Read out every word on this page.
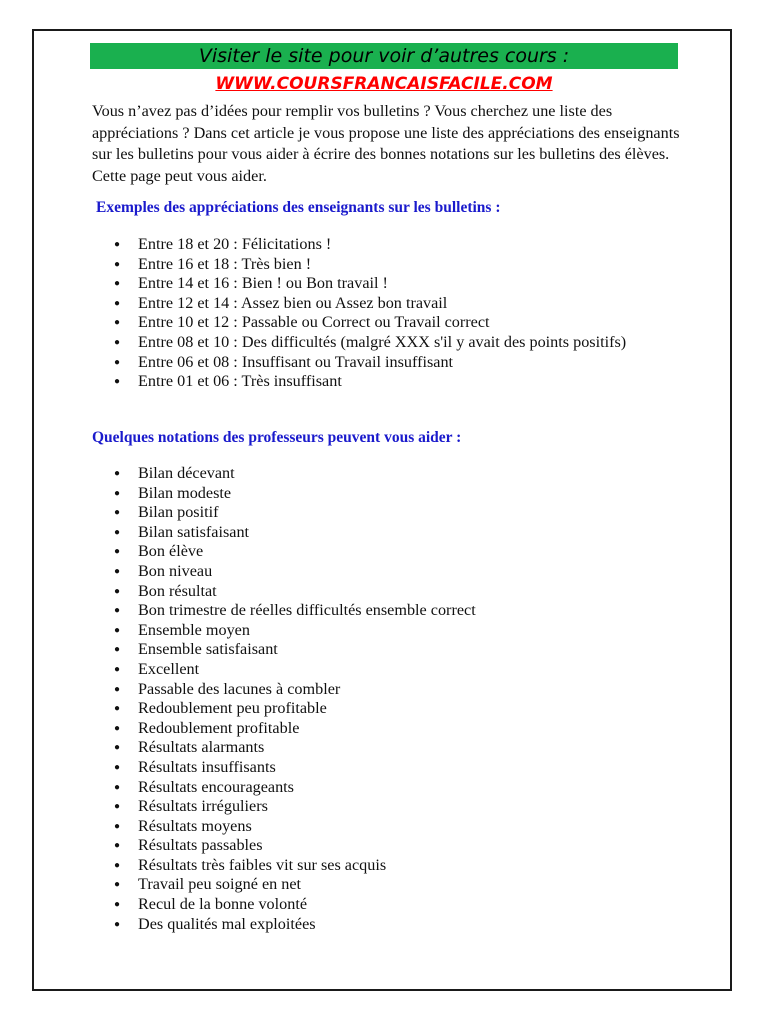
Visiter le site pour voir d’autres cours :
WWW.COURSFRANCAISFACILE.COM

Vous n’avez pas d’idées pour remplir vos bulletins ? Vous cherchez une liste des appréciations ? Dans cet article je vous propose une liste des appréciations des enseignants sur les bulletins pour vous aider à écrire des bonnes notations sur les bulletins des élèves. Cette page peut vous aider.

Exemples des appréciations des enseignants sur les bulletins :
● Entre 18 et 20 : Félicitations !
● Entre 16 et 18 : Très bien !
● Entre 14 et 16 : Bien ! ou Bon travail !
● Entre 12 et 14 : Assez bien ou Assez bon travail
● Entre 10 et 12 : Passable ou Correct ou Travail correct
● Entre 08 et 10 : Des difficultés (malgré XXX s'il y avait des points positifs)
● Entre 06 et 08 : Insuffisant ou Travail insuffisant
● Entre 01 et 06 : Très insuffisant
Quelques notations des professeurs peuvent vous aider :
● Bilan décevant
● Bilan modeste
● Bilan positif
● Bilan satisfaisant
● Bon élève
● Bon niveau
● Bon résultat
● Bon trimestre de réelles difficultés ensemble correct
● Ensemble moyen
● Ensemble satisfaisant
● Excellent
● Passable des lacunes à combler
● Redoublement peu profitable
● Redoublement profitable
● Résultats alarmants
● Résultats insuffisants
● Résultats encourageants
● Résultats irréguliers
● Résultats moyens
● Résultats passables
● Résultats très faibles vit sur ses acquis
● Travail peu soigné en net
● Recul de la bonne volonté
● Des qualités mal exploitées
